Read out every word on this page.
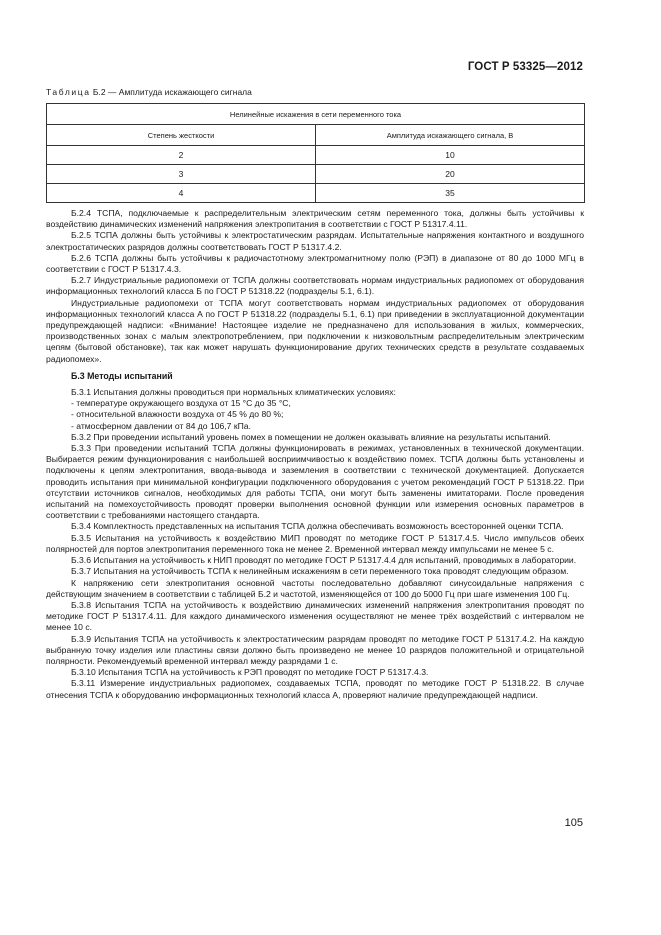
ГОСТ Р 53325—2012
Таблица Б.2 — Амплитуда искажающего сигнала
Нелинейные искажения в сети переменного тока	
Степень жесткости	Амплитуда искажающего сигнала, В
2	10
3	20
4	35

Б.2.4 ТСПА, подключаемые к распределительным электрическим сетям переменного тока, должны быть устойчивы к воздействию динамических изменений напряжения электропитания в соответствии с ГОСТ Р 51317.4.11.

Б.2.5 ТСПА должны быть устойчивы к электростатическим разрядам. Испытательные напряжения контактного и воздушного электростатических разрядов должны соответствовать ГОСТ Р 51317.4.2.

Б.2.6 ТСПА должны быть устойчивы к радиочастотному электромагнитному полю (РЭП) в диапазоне от 80 до 1000 МГц в соответствии с ГОСТ Р 51317.4.3.

Б.2.7 Индустриальные радиопомехи от ТСПА должны соответствовать нормам индустриальных радиопомех от оборудования информационных технологий класса Б по ГОСТ Р 51318.22 (подразделы 5.1, 6.1).

Индустриальные радиопомехи от ТСПА могут соответствовать нормам индустриальных радиопомех от оборудования информационных технологий класса А по ГОСТ Р 51318.22 (подразделы 5.1, 6.1) при приведении в эксплуатационной документации предупреждающей надписи: «Внимание! Настоящее изделие не предназначено для использования в жилых, коммерческих, производственных зонах с малым электропотреблением, при подключении к низковольтным распределительным электрическим цепям (бытовой обстановке), так как может нарушать функционирование других технических средств в результате создаваемых радиопомех».

Б.3 Методы испытаний

Б.3.1 Испытания должны проводиться при нормальных климатических условиях:

- температуре окружающего воздуха от 15 °С до 35 °С,

- относительной влажности воздуха от 45 % до 80 %;

- атмосферном давлении от 84 до 106,7 кПа.

Б.3.2 При проведении испытаний уровень помех в помещении не должен оказывать влияние на результаты испытаний.

Б.3.3 При проведении испытаний ТСПА должны функционировать в режимах, установленных в технической документации. Выбирается режим функционирования с наибольшей восприимчивостью к воздействию помех. ТСПА должны быть установлены и подключены к цепям электропитания, ввода-вывода и заземления в соответствии с технической документацией. Допускается проводить испытания при минимальной конфигурации подключенного оборудования с учетом рекомендаций ГОСТ Р 51318.22. При отсутствии источников сигналов, необходимых для работы ТСПА, они могут быть заменены имитаторами. После проведения испытаний на помехоустойчивость проводят проверки выполнения основной функции или измерения основных параметров в соответствии с требованиями настоящего стандарта.

Б.3.4 Комплектность представленных на испытания ТСПА должна обеспечивать возможность всесторонней оценки ТСПА.

Б.3.5 Испытания на устойчивость к воздействию МИП проводят по методике ГОСТ Р 51317.4.5. Число импульсов обеих полярностей для портов электропитания переменного тока не менее 2. Временной интервал между импульсами не менее 5 с.

Б.3.6 Испытания на устойчивость к НИП проводят по методике ГОСТ Р 51317.4.4 для испытаний, проводимых в лаборатории.

Б.3.7 Испытания на устойчивость ТСПА к нелинейным искажениям в сети переменного тока проводят следующим образом.

К напряжению сети электропитания основной частоты последовательно добавляют синусоидальные напряжения с действующим значением в соответствии с таблицей Б.2 и частотой, изменяющейся от 100 до 5000 Гц при шаге изменения 100 Гц.

Б.3.8 Испытания ТСПА на устойчивость к воздействию динамических изменений напряжения электропитания проводят по методике ГОСТ Р 51317.4.11. Для каждого динамического изменения осуществляют не менее трёх воздействий с интервалом не менее 10 с.

Б.3.9 Испытания ТСПА на устойчивость к электростатическим разрядам проводят по методике ГОСТ Р 51317.4.2. На каждую выбранную точку изделия или пластины связи должно быть произведено не менее 10 разрядов положительной и отрицательной полярности. Рекомендуемый временной интервал между разрядами 1 с.

Б.3.10 Испытания ТСПА на устойчивость к РЭП проводят по методике ГОСТ Р 51317.4.3.

Б.3.11 Измерение индустриальных радиопомех, создаваемых ТСПА, проводят по методике ГОСТ Р 51318.22. В случае отнесения ТСПА к оборудованию информационных технологий класса А, проверяют наличие предупреждающей надписи.

105
